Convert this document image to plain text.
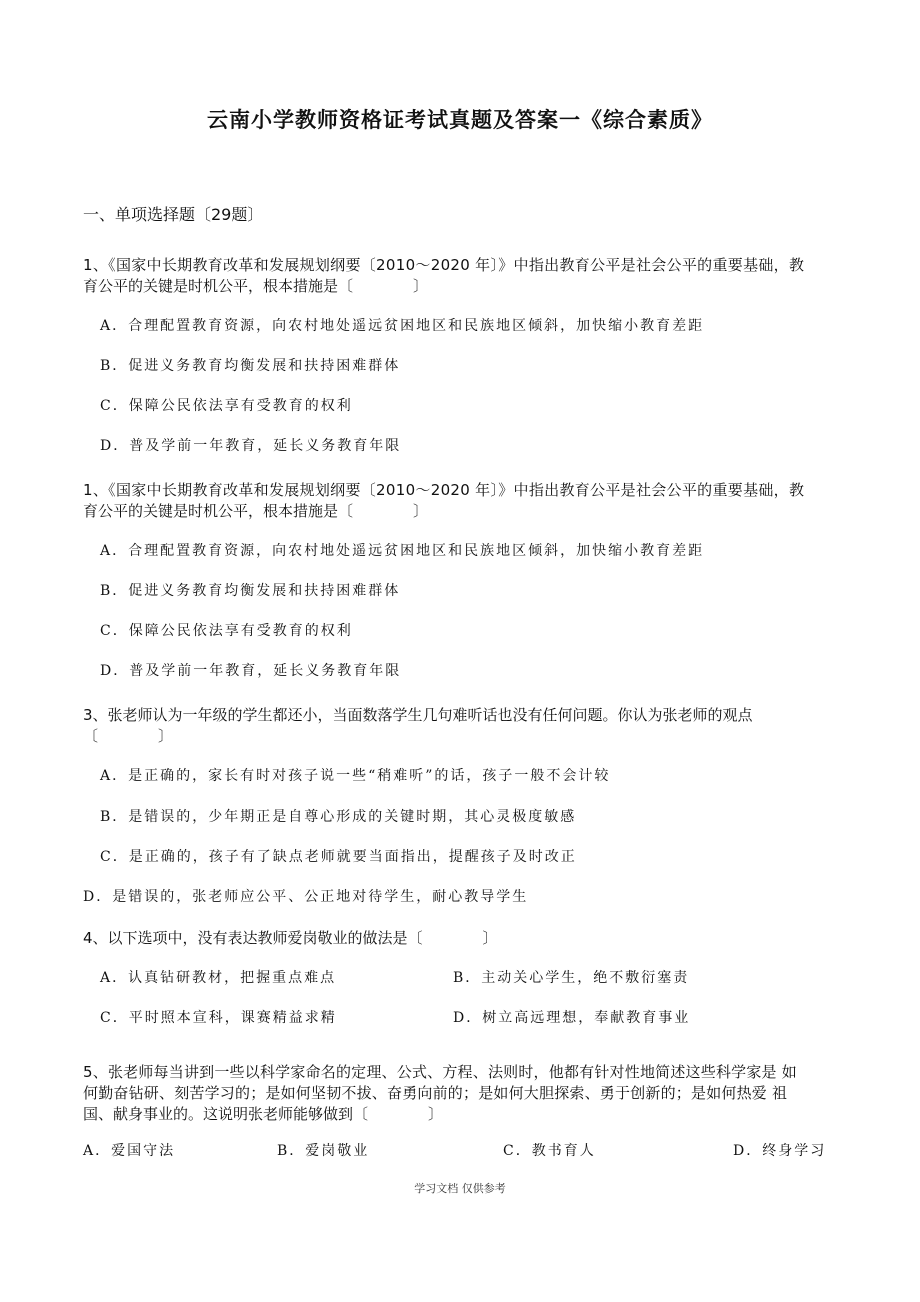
云南小学教师资格证考试真题及答案一《综合素质》
一、单项选择题〔29题〕
1、《国家中长期教育改革和发展规划纲要〔2010～2020 年〕》中指出教育公平是社会公平的重要基础，教
育公平的关键是时机公平，根本措施是〔　　　　〕
A．合理配置教育资源，向农村地处遥远贫困地区和民族地区倾斜，加快缩小教育差距
B．促进义务教育均衡发展和扶持困难群体
C．保障公民依法享有受教育的权利
D．普及学前一年教育，延长义务教育年限
1、《国家中长期教育改革和发展规划纲要〔2010～2020 年〕》中指出教育公平是社会公平的重要基础，教
育公平的关键是时机公平，根本措施是〔　　　　〕
A．合理配置教育资源，向农村地处遥远贫困地区和民族地区倾斜，加快缩小教育差距
B．促进义务教育均衡发展和扶持困难群体
C．保障公民依法享有受教育的权利
D．普及学前一年教育，延长义务教育年限
3、张老师认为一年级的学生都还小，当面数落学生几句难听话也没有任何问题。你认为张老师的观点
〔　　　　〕
A．是正确的，家长有时对孩子说一些“稍难听”的话，孩子一般不会计较
B．是错误的，少年期正是自尊心形成的关键时期，其心灵极度敏感
C．是正确的，孩子有了缺点老师就要当面指出，提醒孩子及时改正
D．是错误的，张老师应公平、公正地对待学生，耐心教导学生
4、以下选项中，没有表达教师爱岗敬业的做法是〔　　　　〕
A．认真钻研教材，把握重点难点	B．主动关心学生，绝不敷衍塞责
C．平时照本宣科，课赛精益求精	D．树立高远理想，奉献教育事业
5、张老师每当讲到一些以科学家命名的定理、公式、方程、法则时，他都有针对性地简述这些科学家是 如
何勤奋钻研、刻苦学习的；是如何坚韧不拔、奋勇向前的；是如何大胆探索、勇于创新的；是如何热爱 祖
国、献身事业的。这说明张老师能够做到〔　　　　〕
A．爱国守法	B．爱岗敬业	C．教书育人	D．终身学习
学习文档 仅供参考
